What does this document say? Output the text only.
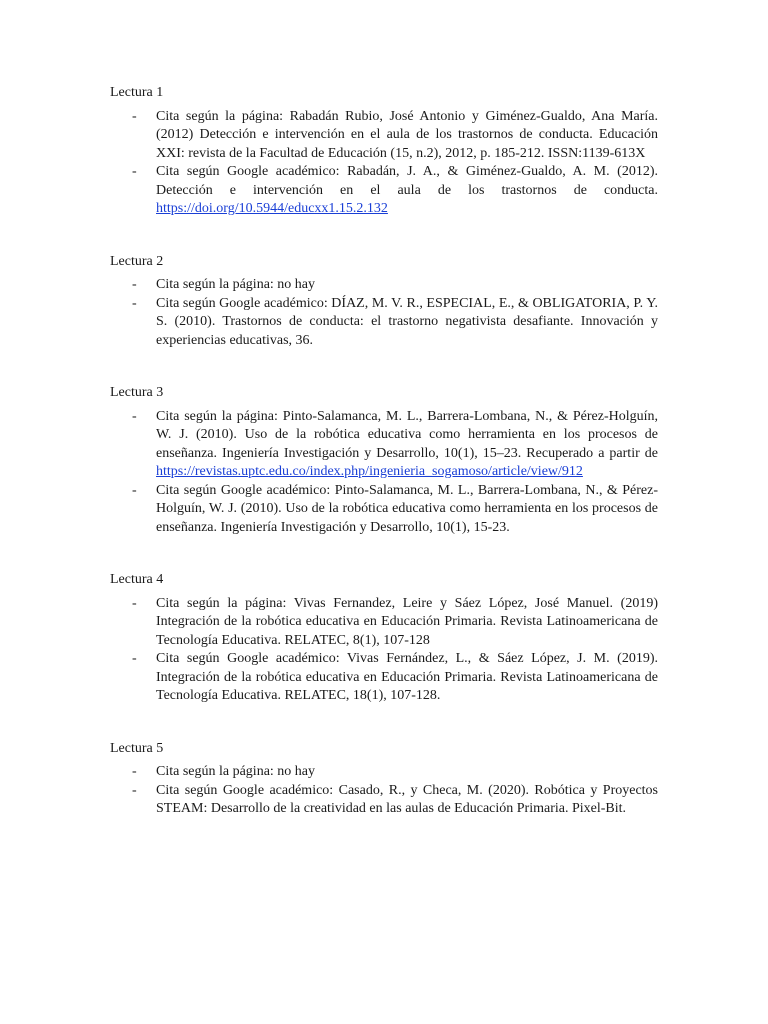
Lectura 1

- Cita según la página: Rabadán Rubio, José Antonio y Giménez-Gualdo, Ana María. (2012) Detección e intervención en el aula de los trastornos de conducta. Educación XXI: revista de la Facultad de Educación (15, n.2), 2012, p. 185-212. ISSN:1139-613X
- Cita según Google académico: Rabadán, J. A., & Giménez-Gualdo, A. M. (2012). Detección e intervención en el aula de los trastornos de conducta. https://doi.org/10.5944/educxx1.15.2.132

Lectura 2

- Cita según la página: no hay
- Cita según Google académico: DÍAZ, M. V. R., ESPECIAL, E., & OBLIGATORIA, P. Y. S. (2010). Trastornos de conducta: el trastorno negativista desafiante. Innovación y experiencias educativas, 36.

Lectura 3

- Cita según la página: Pinto-Salamanca, M. L., Barrera-Lombana, N., & Pérez-Holguín, W. J. (2010). Uso de la robótica educativa como herramienta en los procesos de enseñanza. Ingeniería Investigación y Desarrollo, 10(1), 15–23. Recuperado a partir de https://revistas.uptc.edu.co/index.php/ingenieria_sogamoso/article/view/912
- Cita según Google académico: Pinto-Salamanca, M. L., Barrera-Lombana, N., & Pérez-Holguín, W. J. (2010). Uso de la robótica educativa como herramienta en los procesos de enseñanza. Ingeniería Investigación y Desarrollo, 10(1), 15-23.

Lectura 4

- Cita según la página: Vivas Fernandez, Leire y Sáez López, José Manuel. (2019) Integración de la robótica educativa en Educación Primaria. Revista Latinoamericana de Tecnología Educativa. RELATEC, 8(1), 107-128
- Cita según Google académico: Vivas Fernández, L., & Sáez López, J. M. (2019). Integración de la robótica educativa en Educación Primaria. Revista Latinoamericana de Tecnología Educativa. RELATEC, 18(1), 107-128.

Lectura 5

- Cita según la página: no hay
- Cita según Google académico: Casado, R., y Checa, M. (2020). Robótica y Proyectos STEAM: Desarrollo de la creatividad en las aulas de Educación Primaria. Pixel-Bit.
